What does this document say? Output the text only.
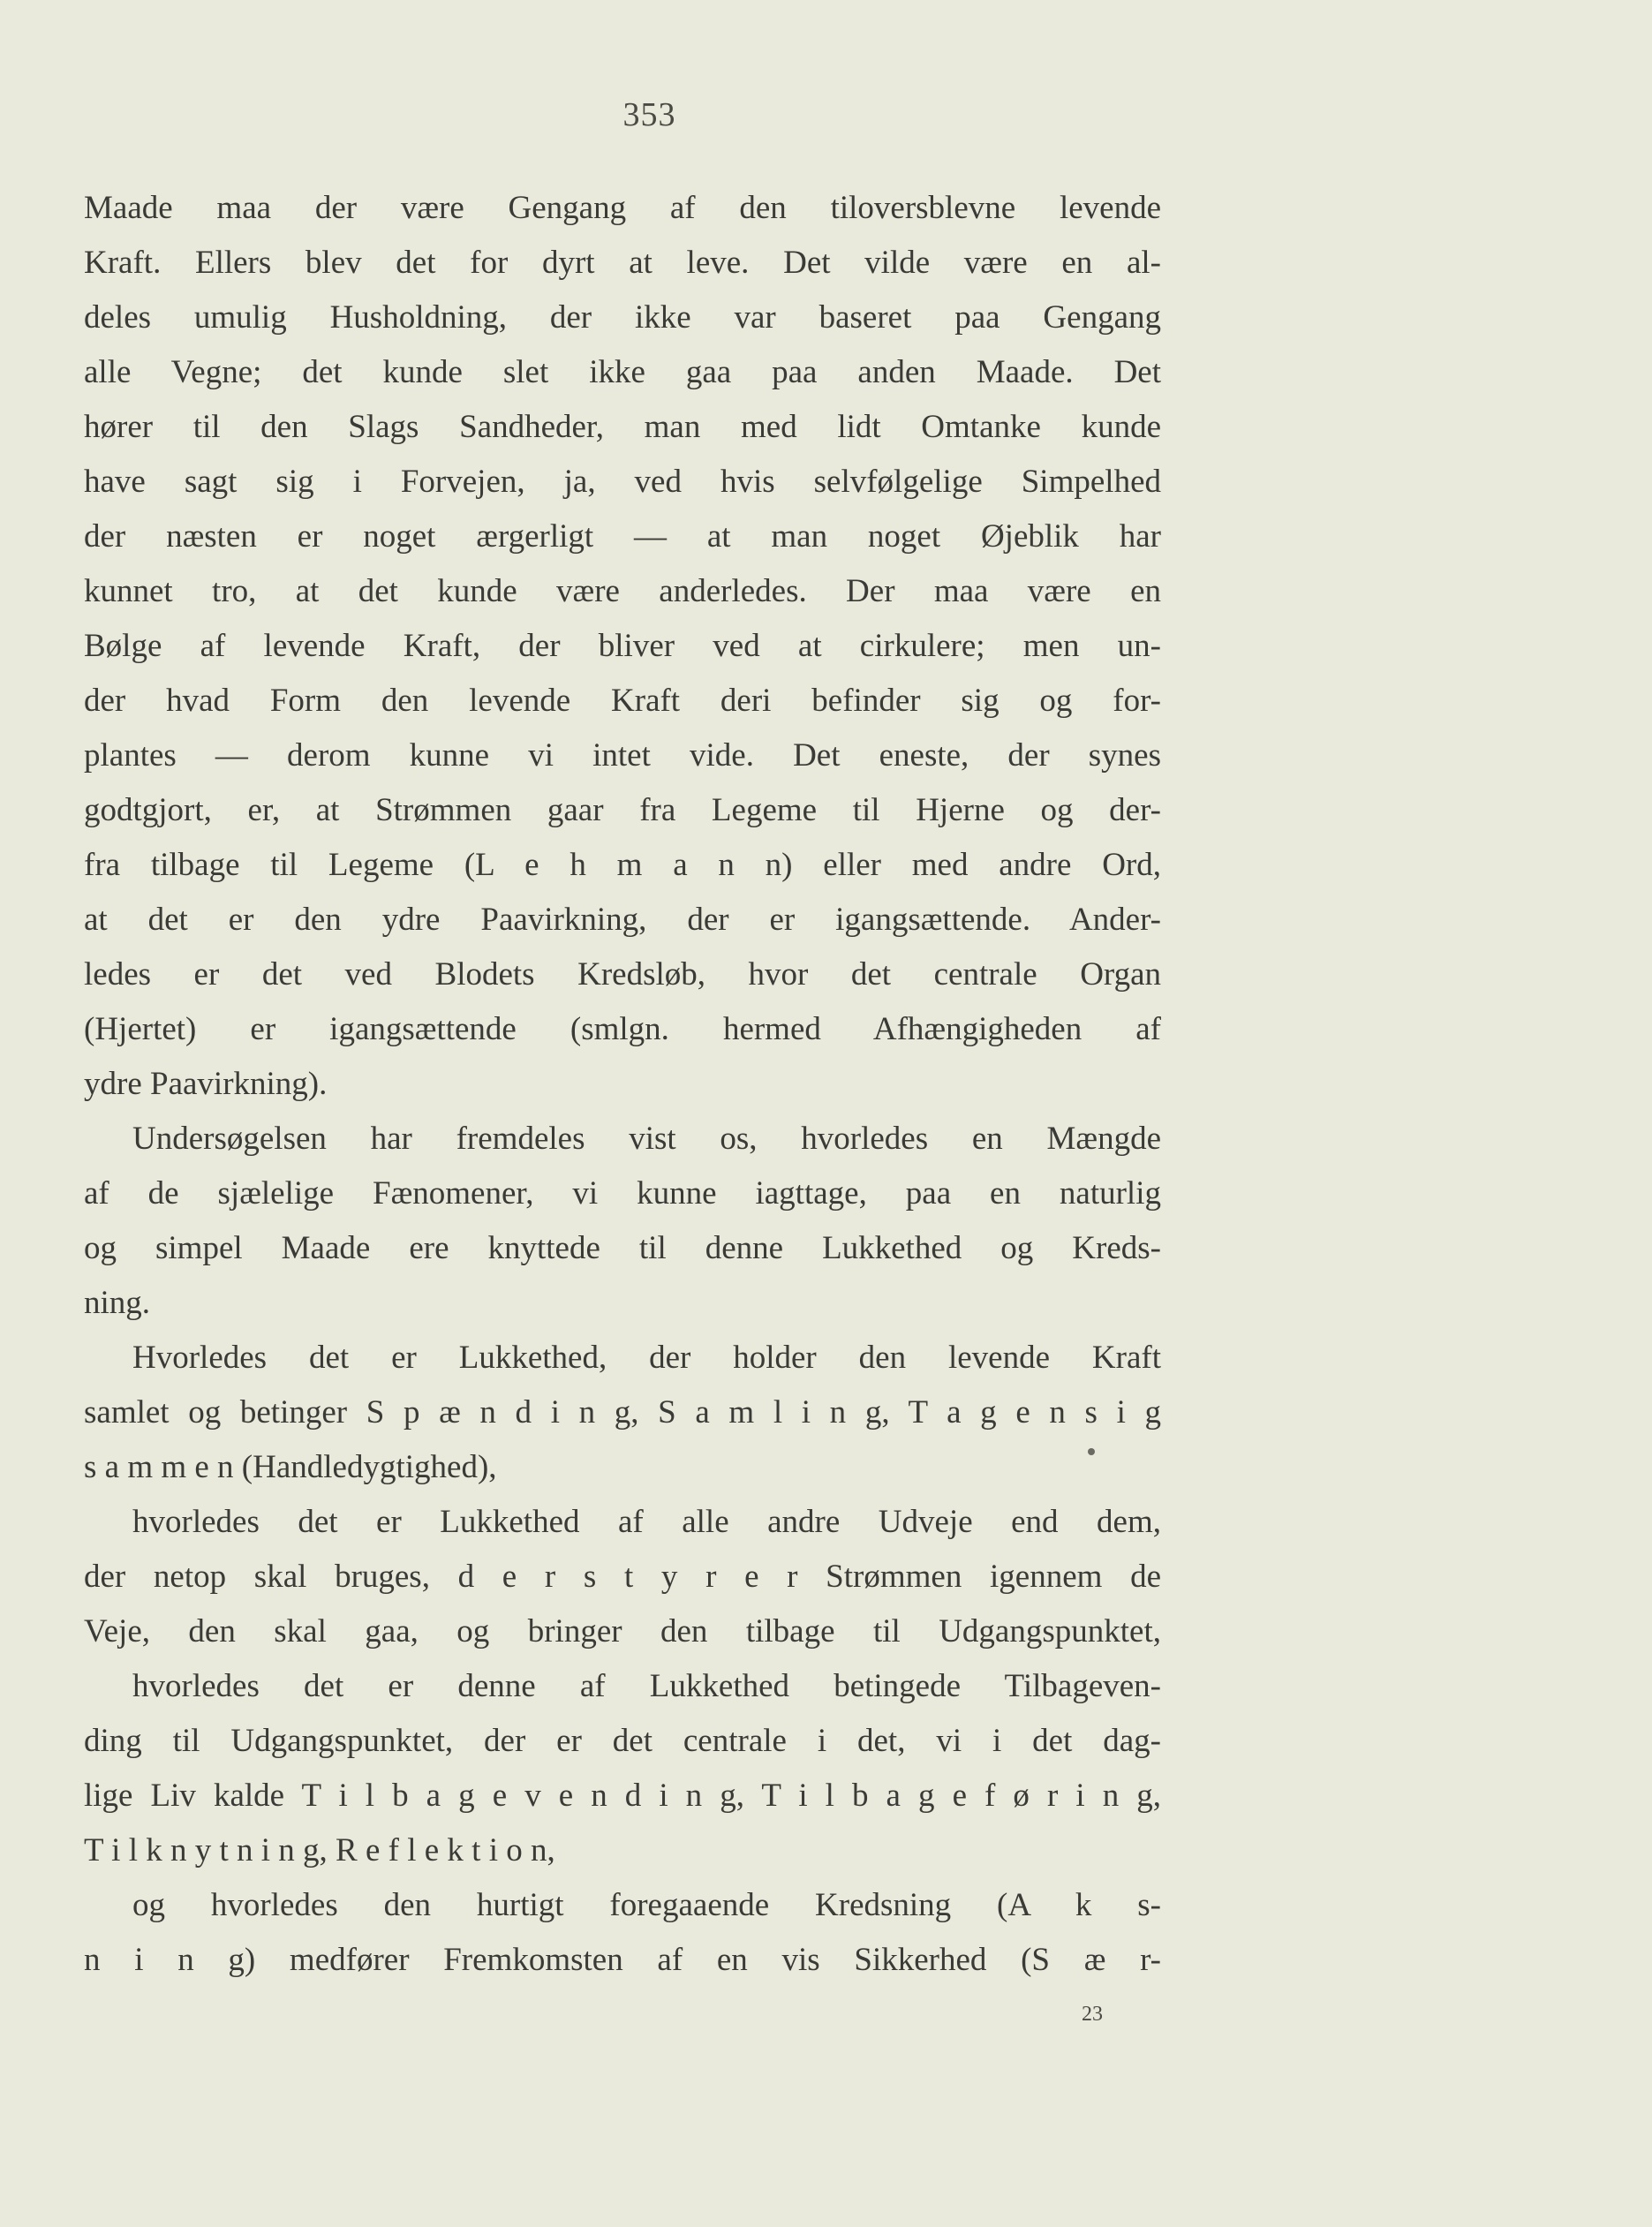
353
Maade maa der være Gengang af den tiloversblevne levende
Kraft. Ellers blev det for dyrt at leve. Det vilde være en al-
deles umulig Husholdning, der ikke var baseret paa Gengang
alle Vegne; det kunde slet ikke gaa paa anden Maade. Det
hører til den Slags Sandheder, man med lidt Omtanke kunde
have sagt sig i Forvejen, ja, ved hvis selvfølgelige Simpelhed
der næsten er noget ærgerligt — at man noget Øjeblik har
kunnet tro, at det kunde være anderledes. Der maa være en
Bølge af levende Kraft, der bliver ved at cirkulere; men un-
der hvad Form den levende Kraft deri befinder sig og for-
plantes — derom kunne vi intet vide. Det eneste, der synes
godtgjort, er, at Strømmen gaar fra Legeme til Hjerne og der-
fra tilbage til Legeme (L e h m a n n) eller med andre Ord,
at det er den ydre Paavirkning, der er igangsættende. Ander-
ledes er det ved Blodets Kredsløb, hvor det centrale Organ
(Hjertet) er igangsættende (smlgn. hermed Afhængigheden af
ydre Paavirkning).
Undersøgelsen har fremdeles vist os, hvorledes en Mængde
af de sjælelige Fænomener, vi kunne iagttage, paa en naturlig
og simpel Maade ere knyttede til denne Lukkethed og Kreds-
ning.
Hvorledes det er Lukkethed, der holder den levende Kraft
samlet og betinger S p æ n d i n g, S a m l i n g, T a g e n s i g
s a m m e n (Handledygtighed),
hvorledes det er Lukkethed af alle andre Udveje end dem,
der netop skal bruges, d e r s t y r e r Strømmen igennem de
Veje, den skal gaa, og bringer den tilbage til Udgangspunktet,
hvorledes det er denne af Lukkethed betingede Tilbageven-
ding til Udgangspunktet, der er det centrale i det, vi i det dag-
lige Liv kalde T i l b a g e v e n d i n g, T i l b a g e f ø r i n g,
T i l k n y t n i n g, R e f l e k t i o n,
og hvorledes den hurtigt foregaaende Kredsning (A k s-
n i n g) medfører Fremkomsten af en vis Sikkerhed (S æ r-
23
